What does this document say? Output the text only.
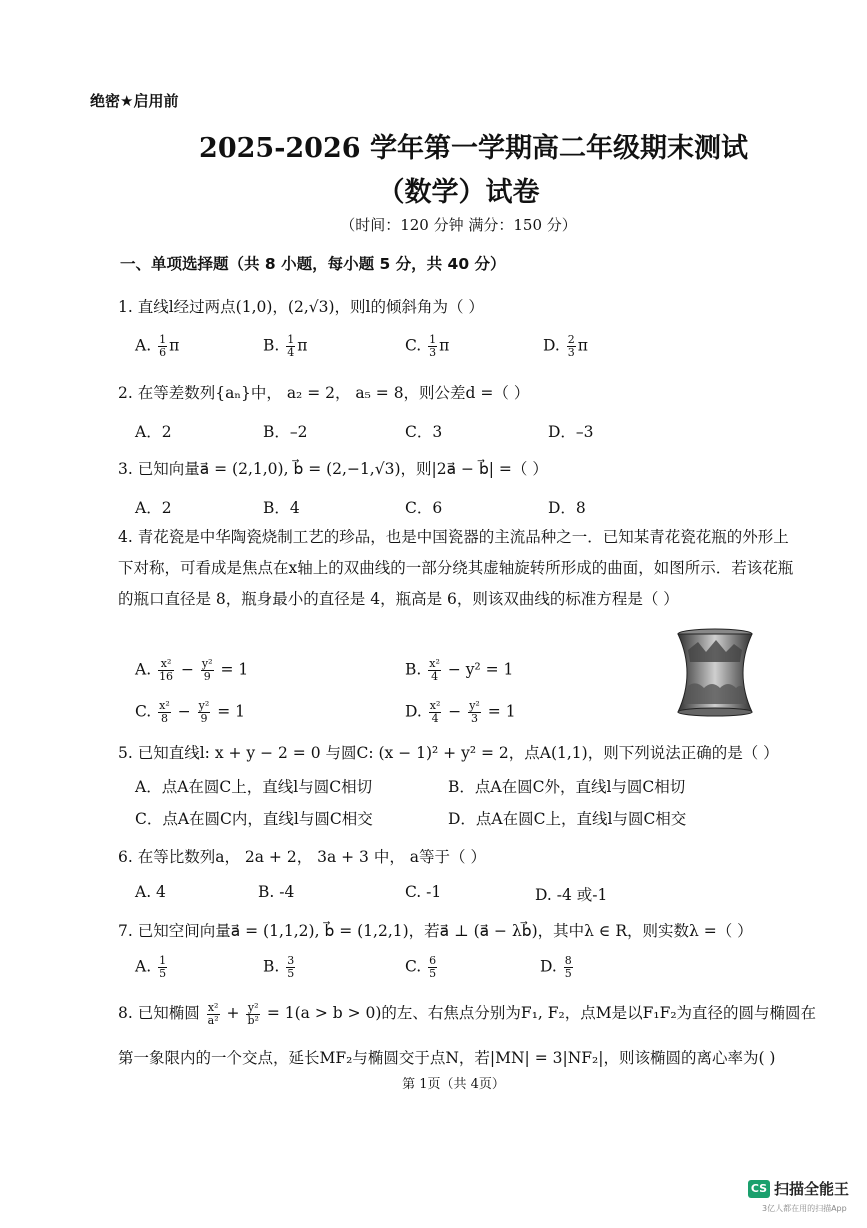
绝密★启用前
2025-2026 学年第一学期高二年级期末测试
（数学）试卷
（时间：120 分钟 满分：150 分）
一、单项选择题（共 8 小题，每小题 5 分，共 40 分）
1. 直线l经过两点(1,0)，(2,√3)，则l的倾斜角为（ ）
A. $\frac{1}{6}$ π	B. $\frac{1}{4}$ π	C. $\frac{1}{3}$ π	D. $\frac{2}{3}$ π
2. 在等差数列{aₙ}中， a₂ = 2， a₅ = 8，则公差d =（ ）
A．2	B．–2	C．3	D．–3
3. 已知向量a⃗ = (2,1,0), b⃗ = (2,−1,√3)，则|2a⃗ − b⃗| =（ ）
A．2	B．4	C．6	D．8
4. 青花瓷是中华陶瓷烧制工艺的珍品，也是中国瓷器的主流品种之一．已知某青花瓷花瓶的外形上下对称，可看成是焦点在x轴上的双曲线的一部分绕其虚轴旋转所形成的曲面，如图所示．若该花瓶的瓶口直径是 8，瓶身最小的直径是 4，瓶高是 6，则该双曲线的标准方程是（ ）
A. $\frac{\text{x²}}{16} - \frac{\text{y²}}{9} = 1$	B. $\frac{\text{x²}}{4} - y^2 = 1$
C. $\frac{\text{x²}}{8} - \frac{\text{y²}}{9} = 1$	D. $\frac{\text{x²}}{4} - \frac{\text{y²}}{3} = 1$
5. 已知直线l: x + y − 2 = 0 与圆C: (x − 1)² + y² = 2，点A(1,1)，则下列说法正确的是（ ）
A．点A在圆C上，直线l与圆C相切	B．点A在圆C外，直线l与圆C相切
C．点A在圆C内，直线l与圆C相交	D．点A在圆C上，直线l与圆C相交
6. 在等比数列a， 2a + 2， 3a + 3 中， a等于（ ）
A. 4	B. -4	C. -1	D. -4 或-1
7. 已知空间向量a⃗ = (1,1,2), b⃗ = (1,2,1)，若a⃗ ⊥ (a⃗ − λb⃗)，其中λ ∈ R，则实数λ =（ ）
A. $\frac{1}{5}$	B. $\frac{3}{5}$	C. $\frac{6}{5}$	D. $\frac{8}{5}$
8. 已知椭圆 $\frac{\text{x²}}{\text{a²}} + \frac{\text{y²}}{\text{b²}} = 1(a > b > 0)$的左、右焦点分别为F₁, F₂，点M是以F₁F₂为直径的圆与椭圆在
第一象限内的一个交点，延长MF₂与椭圆交于点N，若|MN| = 3|NF₂|，则该椭圆的离心率为( )
第 1页（共 4页）
CS 扫描全能王
3亿人都在用的扫描App
